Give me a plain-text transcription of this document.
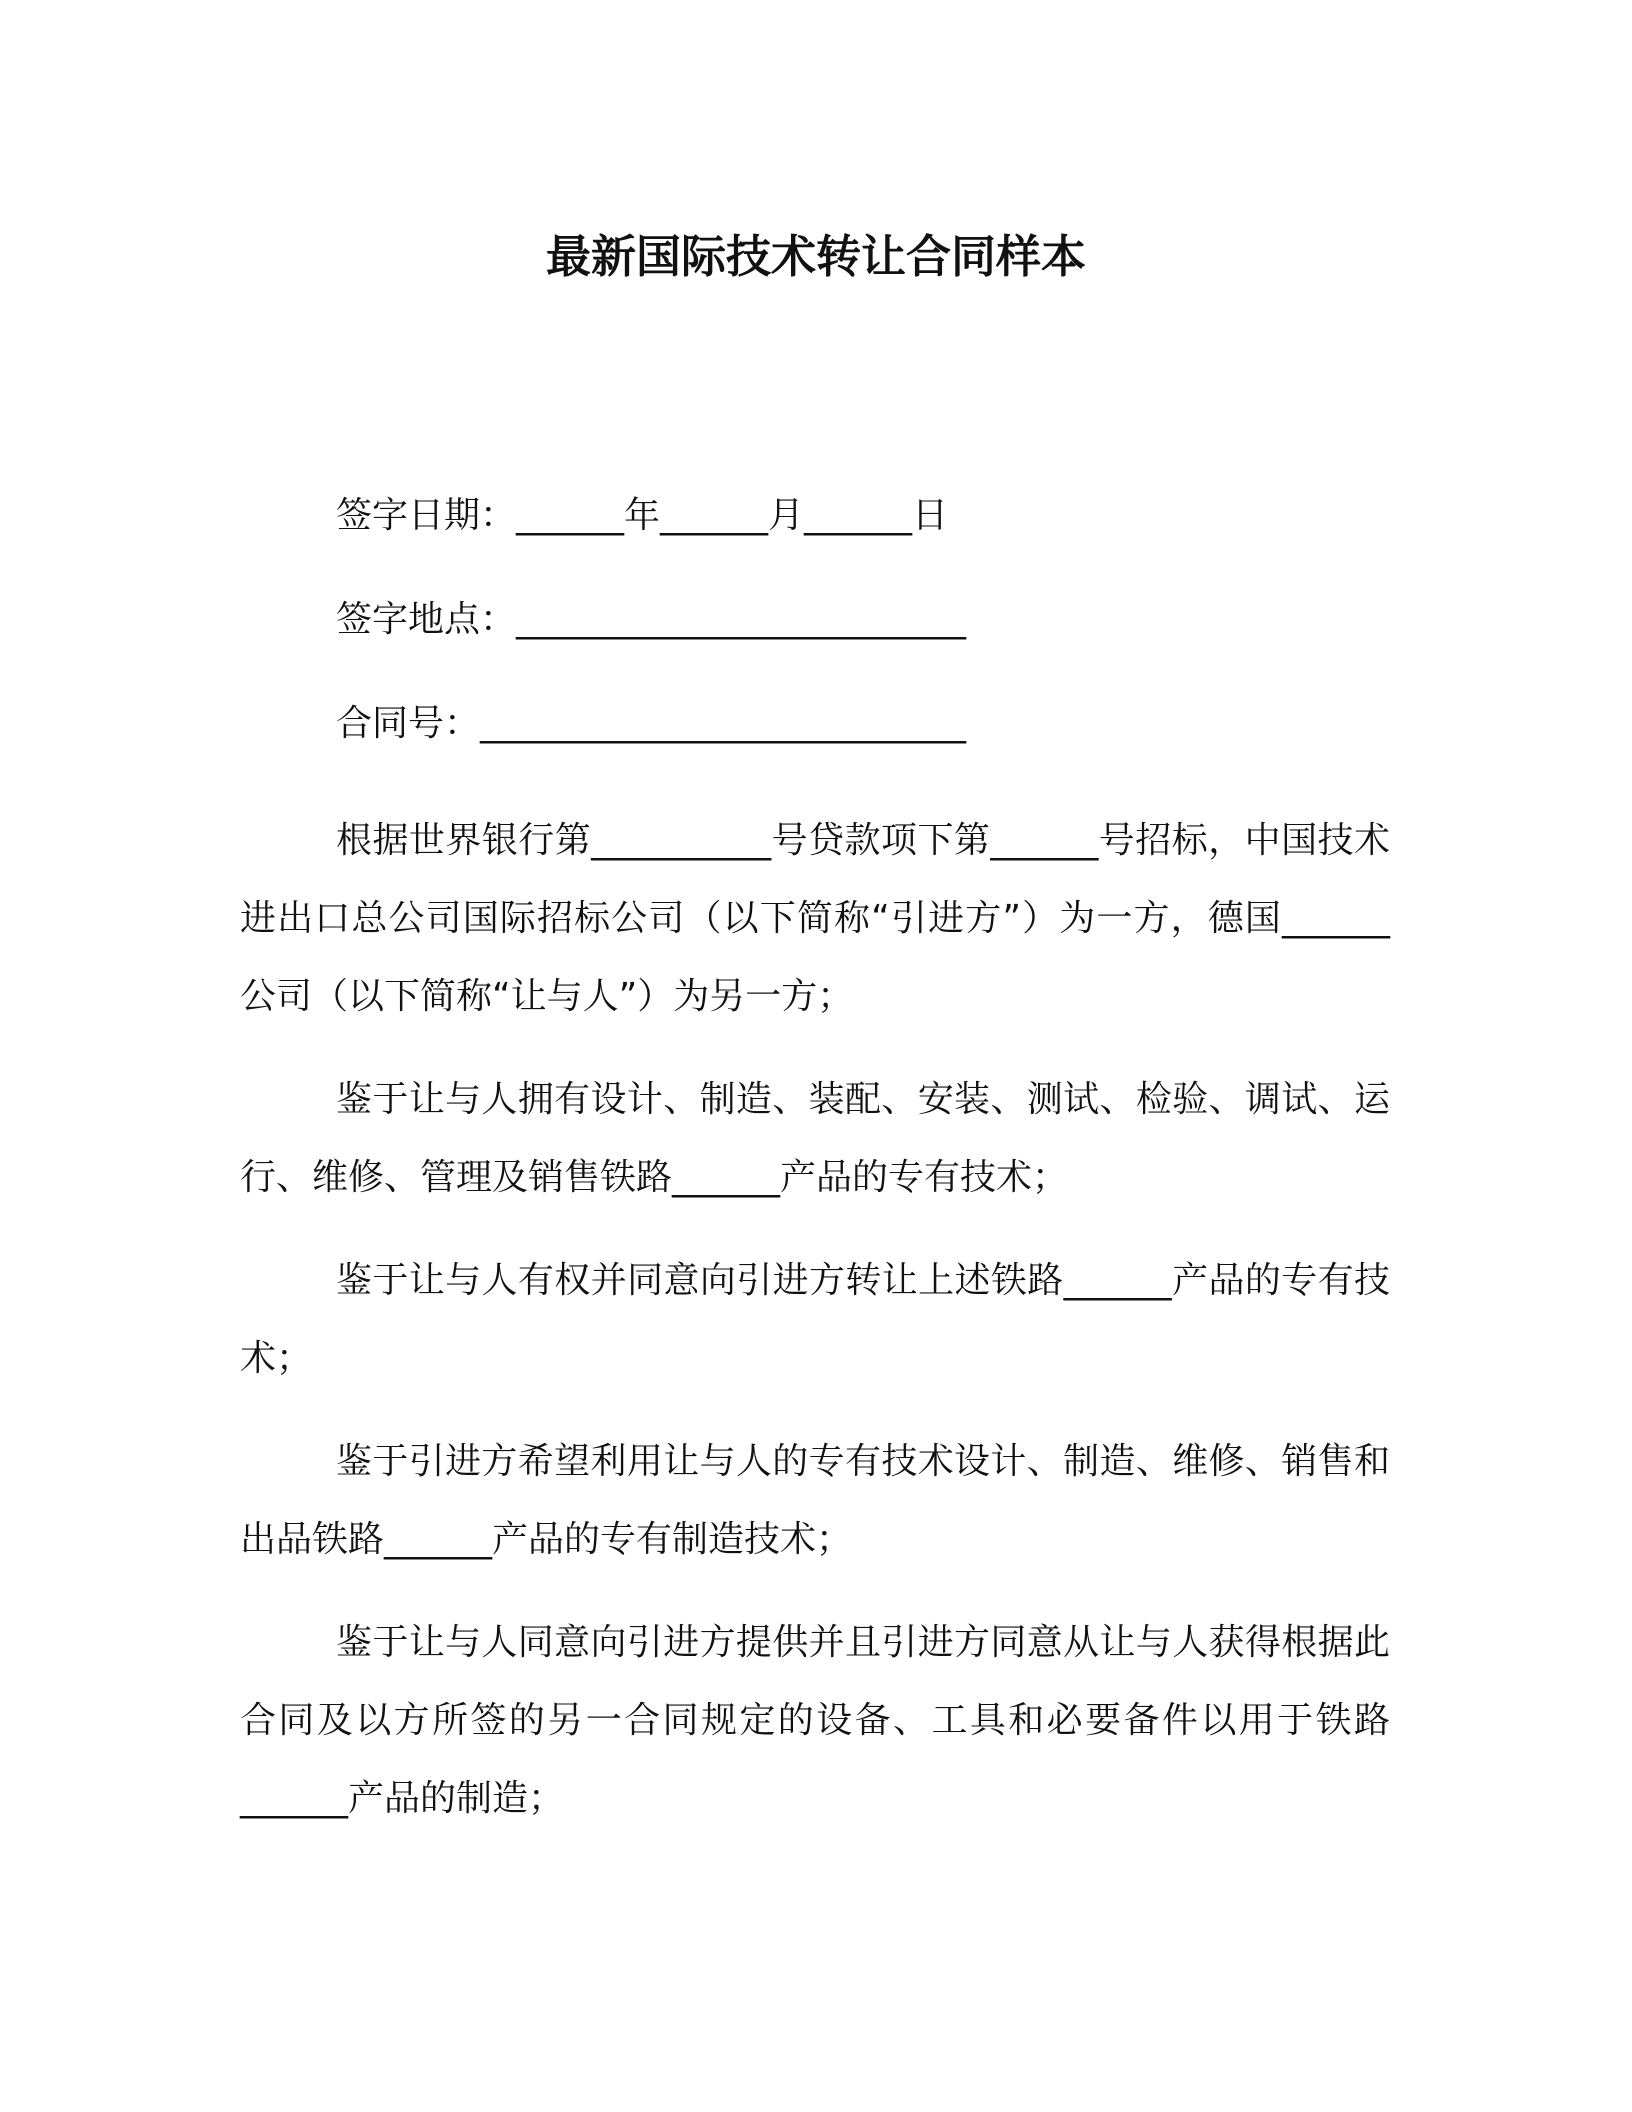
最新国际技术转让合同样本

签字日期：______年______月______日

签字地点：_________________________

合同号：___________________________

根据世界银行第__________号贷款项下第______号招标，中国技术进出口总公司国际招标公司（以下简称“引进方”）为一方，德国______公司（以下简称“让与人”）为另一方；

鉴于让与人拥有设计、制造、装配、安装、测试、检验、调试、运行、维修、管理及销售铁路______产品的专有技术；

鉴于让与人有权并同意向引进方转让上述铁路______产品的专有技术；

鉴于引进方希望利用让与人的专有技术设计、制造、维修、销售和出品铁路______产品的专有制造技术；

鉴于让与人同意向引进方提供并且引进方同意从让与人获得根据此合同及以方所签的另一合同规定的设备、工具和必要备件以用于铁路______产品的制造；
